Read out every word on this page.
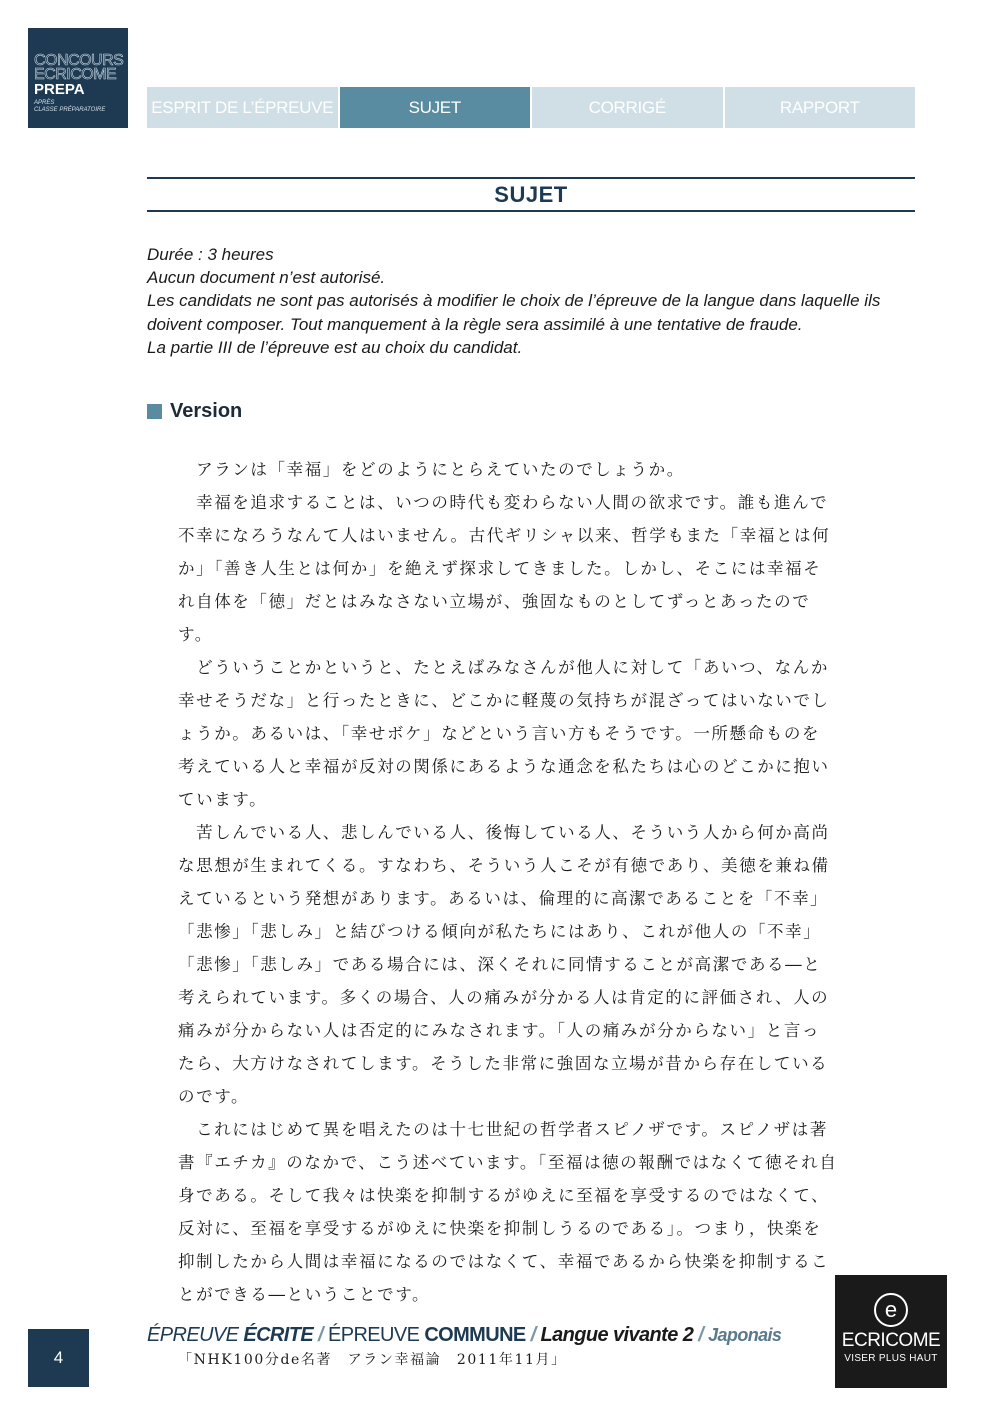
CONCOURS
ECRICOME
PREPA
APRÈS
CLASSE PRÉPARATOIRE	ESPRIT DE L’ÉPREUVE	SUJET	CORRIGÉ	RAPPORT
SUJET
Durée : 3 heures
Aucun document n’est autorisé.
Les candidats ne sont pas autorisés à modifier le choix de l’épreuve de la langue dans laquelle ils doivent composer. Tout manquement à la règle sera assimilé à une tentative de fraude.
La partie III de l’épreuve est au choix du candidat.
Version

　アランは「幸福」をどのようにとらえていたのでしょうか。

　幸福を追求することは、いつの時代も変わらない人間の欲求です。誰も進んで不幸になろうなんて人はいません。古代ギリシャ以来、哲学もまた「幸福とは何か」「善き人生とは何か」を絶えず探求してきました。しかし、そこには幸福それ自体を「徳」だとはみなさない立場が、強固なものとしてずっとあったのです。

　どういうことかというと、たとえばみなさんが他人に対して「あいつ、なんか幸せそうだな」と行ったときに、どこかに軽蔑の気持ちが混ざってはいないでしょうか。あるいは、「幸せボケ」などという言い方もそうです。一所懸命ものを考えている人と幸福が反対の関係にあるような通念を私たちは心のどこかに抱いています。

　苦しんでいる人、悲しんでいる人、後悔している人、そういう人から何か高尚な思想が生まれてくる。すなわち、そういう人こそが有徳であり、美徳を兼ね備えているという発想があります。あるいは、倫理的に高潔であることを「不幸」「悲惨」「悲しみ」と結びつける傾向が私たちにはあり、これが他人の「不幸」「悲惨」「悲しみ」である場合には、深くそれに同情することが高潔である―と考えられています。多くの場合、人の痛みが分かる人は肯定的に評価され、人の痛みが分からない人は否定的にみなされます。「人の痛みが分からない」と言ったら、大方けなされてします。そうした非常に強固な立場が昔から存在しているのです。

　これにはじめて異を唱えたのは十七世紀の哲学者スピノザです。スピノザは著書『エチカ』のなかで、こう述べています。「至福は徳の報酬ではなくて徳それ自身である。そして我々は快楽を抑制するがゆえに至福を享受するのではなくて、反対に、至福を享受するがゆえに快楽を抑制しうるのである」。つまり，快楽を抑制したから人間は幸福になるのではなくて、幸福であるから快楽を抑制することができる―ということです。

「NHK100分de名著　アラン幸福論　2011年11月」

4
ÉPREUVE ÉCRITE / ÉPREUVE COMMUNE / Langue vivante 2 / Japonais
e
ECRICOME
VISER PLUS HAUT
